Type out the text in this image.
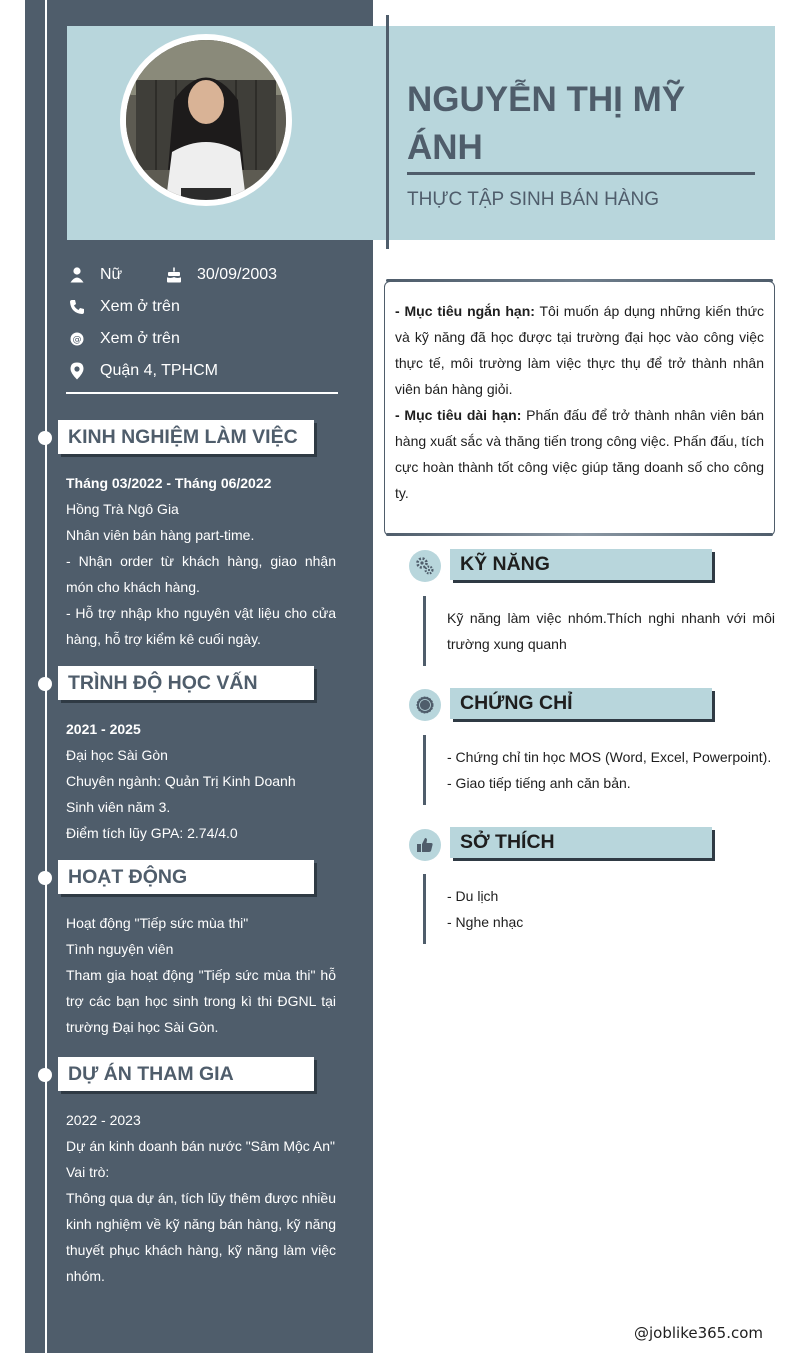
NGUYỄN THỊ MỸ ÁNH
THỰC TẬP SINH BÁN HÀNG
Nữ	30/09/2003
Xem ở trên
@ Xem ở trên
Quận 4, TPHCM
KINH NGHIỆM LÀM VIỆC
Tháng 03/2022 - Tháng 06/2022
Hồng Trà Ngô Gia
Nhân viên bán hàng part-time.
- Nhận order từ khách hàng, giao nhận món cho khách hàng.
- Hỗ trợ nhập kho nguyên vật liệu cho cửa hàng, hỗ trợ kiểm kê cuối ngày.
TRÌNH ĐỘ HỌC VẤN
2021 - 2025
Đại học Sài Gòn
Chuyên ngành: Quản Trị Kinh Doanh
Sinh viên năm 3.
Điểm tích lũy GPA: 2.74/4.0
HOẠT ĐỘNG
Hoạt động "Tiếp sức mùa thi"
Tình nguyện viên
Tham gia hoạt động "Tiếp sức mùa thi" hỗ trợ các bạn học sinh trong kì thi ĐGNL tại trường Đại học Sài Gòn.
DỰ ÁN THAM GIA
2022 - 2023
Dự án kinh doanh bán nước "Sâm Mộc An"
Vai trò:
Thông qua dự án, tích lũy thêm được nhiều kinh nghiệm về kỹ năng bán hàng, kỹ năng thuyết phục khách hàng, kỹ năng làm việc nhóm.
- Mục tiêu ngắn hạn: Tôi muốn áp dụng những kiến thức và kỹ năng đã học được tại trường đại học vào công việc thực tế, môi trường làm việc thực thụ để trở thành nhân viên bán hàng giỏi.
- Mục tiêu dài hạn: Phấn đấu để trở thành nhân viên bán hàng xuất sắc và thăng tiến trong công việc. Phấn đấu, tích cực hoàn thành tốt công việc giúp tăng doanh số cho công ty.
KỸ NĂNG
Kỹ năng làm việc nhóm.Thích nghi nhanh với môi trường xung quanh
CHỨNG CHỈ
- Chứng chỉ tin học MOS (Word, Excel, Powerpoint).
- Giao tiếp tiếng anh căn bản.
SỞ THÍCH
- Du lịch
- Nghe nhạc
@joblike365.com
